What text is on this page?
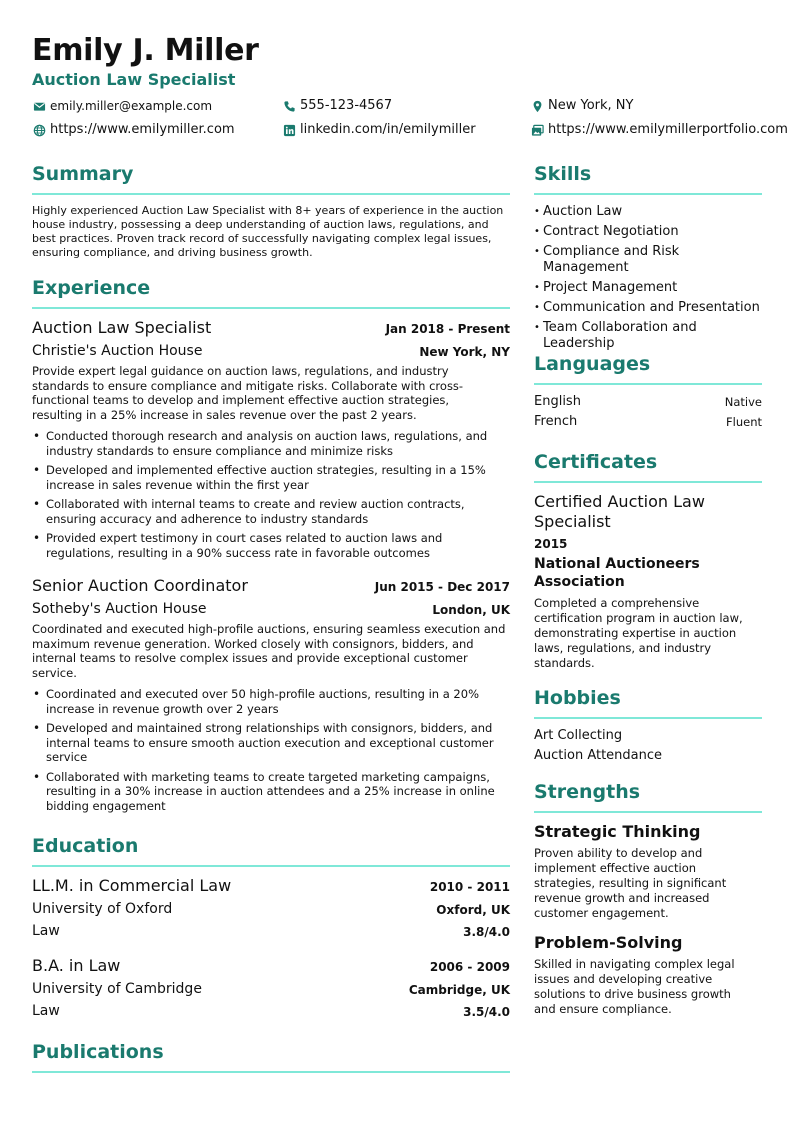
Emily J. Miller
Auction Law Specialist
emily.miller@example.com	555-123-4567	New York, NY
https://www.emilymiller.com	linkedin.com/in/emilymiller	https://www.emilymillerportfolio.com
Summary
Highly experienced Auction Law Specialist with 8+ years of experience in the auction house industry, possessing a deep understanding of auction laws, regulations, and best practices. Proven track record of successfully navigating complex legal issues, ensuring compliance, and driving business growth.
Experience
Auction Law Specialist	Jan 2018 - Present
Christie's Auction House	New York, NY
Provide expert legal guidance on auction laws, regulations, and industry standards to ensure compliance and mitigate risks. Collaborate with cross-functional teams to develop and implement effective auction strategies, resulting in a 25% increase in sales revenue over the past 2 years.
• Conducted thorough research and analysis on auction laws, regulations, and industry standards to ensure compliance and minimize risks
• Developed and implemented effective auction strategies, resulting in a 15% increase in sales revenue within the first year
• Collaborated with internal teams to create and review auction contracts, ensuring accuracy and adherence to industry standards
• Provided expert testimony in court cases related to auction laws and regulations, resulting in a 90% success rate in favorable outcomes
Senior Auction Coordinator	Jun 2015 - Dec 2017
Sotheby's Auction House	London, UK
Coordinated and executed high-profile auctions, ensuring seamless execution and maximum revenue generation. Worked closely with consignors, bidders, and internal teams to resolve complex issues and provide exceptional customer service.
• Coordinated and executed over 50 high-profile auctions, resulting in a 20% increase in revenue growth over 2 years
• Developed and maintained strong relationships with consignors, bidders, and internal teams to ensure smooth auction execution and exceptional customer service
• Collaborated with marketing teams to create targeted marketing campaigns, resulting in a 30% increase in auction attendees and a 25% increase in online bidding engagement
Education
LL.M. in Commercial Law	2010 - 2011
University of Oxford	Oxford, UK
Law	3.8/4.0
B.A. in Law	2006 - 2009
University of Cambridge	Cambridge, UK
Law	3.5/4.0
Publications
Skills
• Auction Law
• Contract Negotiation
• Compliance and Risk Management
• Project Management
• Communication and Presentation
• Team Collaboration and Leadership
Languages
English	Native
French	Fluent
Certificates
Certified Auction Law Specialist
2015
National Auctioneers Association
Completed a comprehensive certification program in auction law, demonstrating expertise in auction laws, regulations, and industry standards.
Hobbies
Art Collecting
Auction Attendance
Strengths
Strategic Thinking
Proven ability to develop and implement effective auction strategies, resulting in significant revenue growth and increased customer engagement.
Problem-Solving
Skilled in navigating complex legal issues and developing creative solutions to drive business growth and ensure compliance.
